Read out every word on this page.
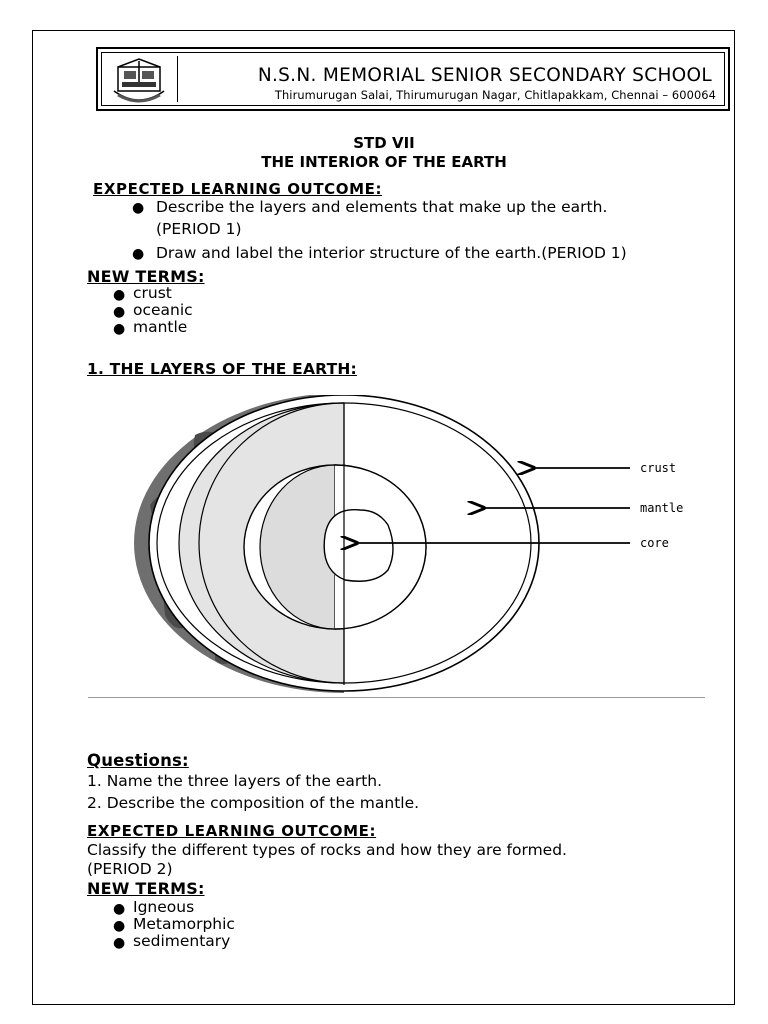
N.S.N. MEMORIAL SENIOR SECONDARY SCHOOL
Thirumurugan Salai, Thirumurugan Nagar, Chitlapakkam, Chennai – 600064
STD VII
THE INTERIOR OF THE EARTH
EXPECTED LEARNING OUTCOME:
● Describe the layers and elements that make up the earth.
(PERIOD 1)
● Draw and label the interior structure of the earth.(PERIOD 1)
NEW TERMS:
● crust
● oceanic
● mantle
1. THE LAYERS OF THE EARTH:
crust
mantle
core
Questions:
1. Name the three layers of the earth.
2. Describe the composition of the mantle.
EXPECTED LEARNING OUTCOME:
Classify the different types of rocks and how they are formed.
(PERIOD 2)
NEW TERMS:
● Igneous
● Metamorphic
● sedimentary
